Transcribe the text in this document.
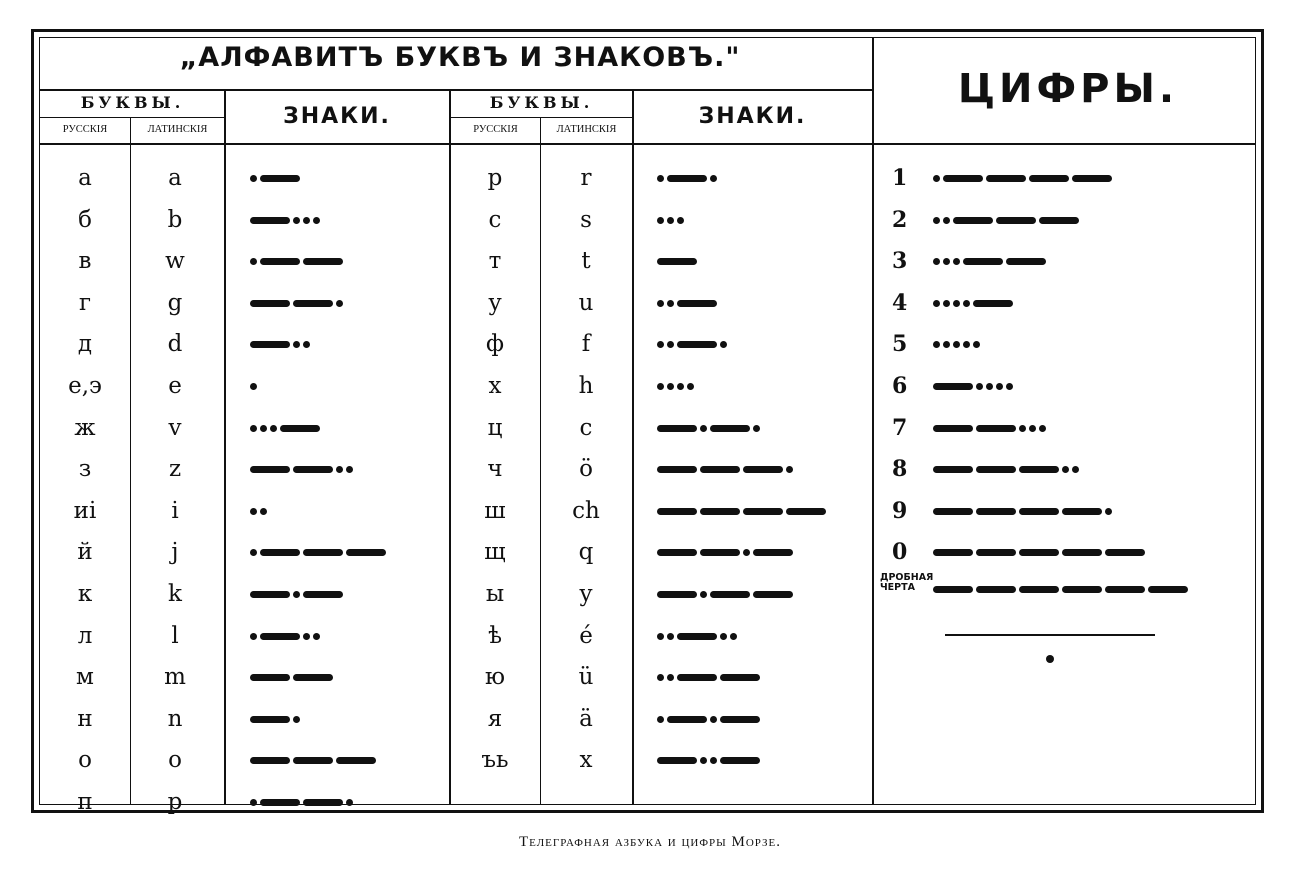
„АЛФАВИТЪ БУКВЪ И ЗНАКОВЪ."
ЦИФРЫ.
БУКВЫ.
РУССКIЯ	ЛАТИНСКIЯ
ЗНАКИ.
БУКВЫ.
РУССКIЯ	ЛАТИНСКIЯ
ЗНАКИ.
ДРОБНАЯ
ЧЕРТА
Телеграфная азбука и цифры Морзе.
а	a
б	b
в	w
г	g
д	d
е,э	e
ж	v
з	z
иi	i
й	j
к	k
л	l
м	m
н	n
о	o
п	p
р	r
с	s
т	t
у	u
ф	f
х	h
ц	c
ч	ö
ш	ch
щ	q
ы	y
ѣ	é
ю	ü
я	ä
ъь	x
1
2
3
4
5
6
7
8
9
0
